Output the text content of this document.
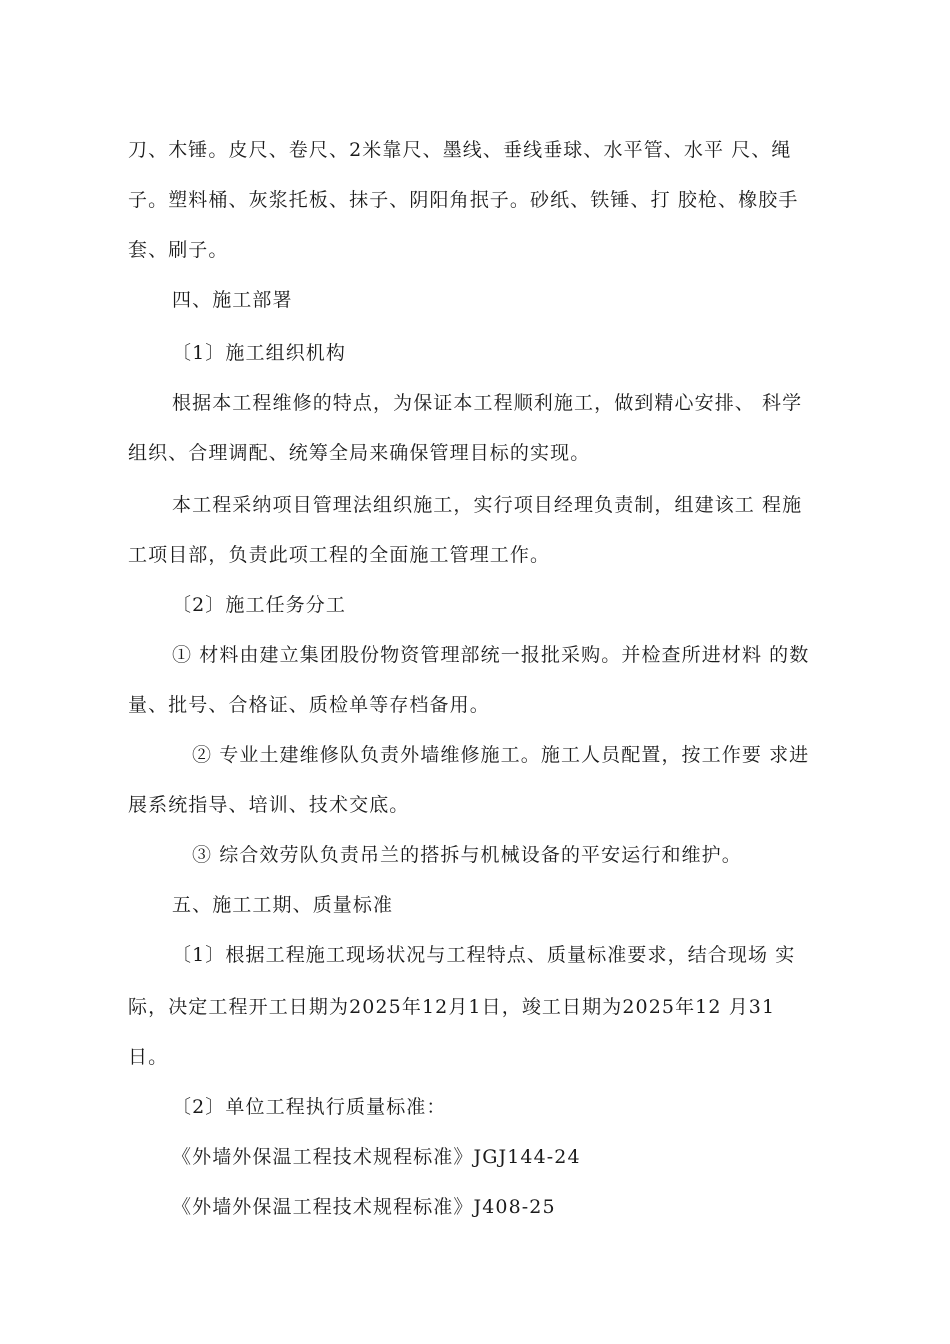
刀、木锤。皮尺、卷尺、2米靠尺、墨线、垂线垂球、水平管、水平 尺、绳
子。塑料桶、灰浆托板、抹子、阴阳角抿子。砂纸、铁锤、打 胶枪、橡胶手
套、刷子。
四、施工部署
〔1〕施工组织机构
根据本工程维修的特点，为保证本工程顺利施工，做到精心安排、 科学
组织、合理调配、统筹全局来确保管理目标的实现。
本工程采纳项目管理法组织施工，实行项目经理负责制，组建该工 程施
工项目部，负责此项工程的全面施工管理工作。
〔2〕施工任务分工
① 材料由建立集团股份物资管理部统一报批采购。并检查所进材料 的数
量、批号、合格证、质检单等存档备用。
② 专业土建维修队负责外墙维修施工。施工人员配置，按工作要 求进
展系统指导、培训、技术交底。
③ 综合效劳队负责吊兰的搭拆与机械设备的平安运行和维护。
五、施工工期、质量标准
〔1〕根据工程施工现场状况与工程特点、质量标准要求，结合现场 实
际，决定工程开工日期为2025年12月1日，竣工日期为2025年12 月31
日。
〔2〕单位工程执行质量标准：
《外墙外保温工程技术规程标准》JGJ144-24
《外墙外保温工程技术规程标准》J408-25
